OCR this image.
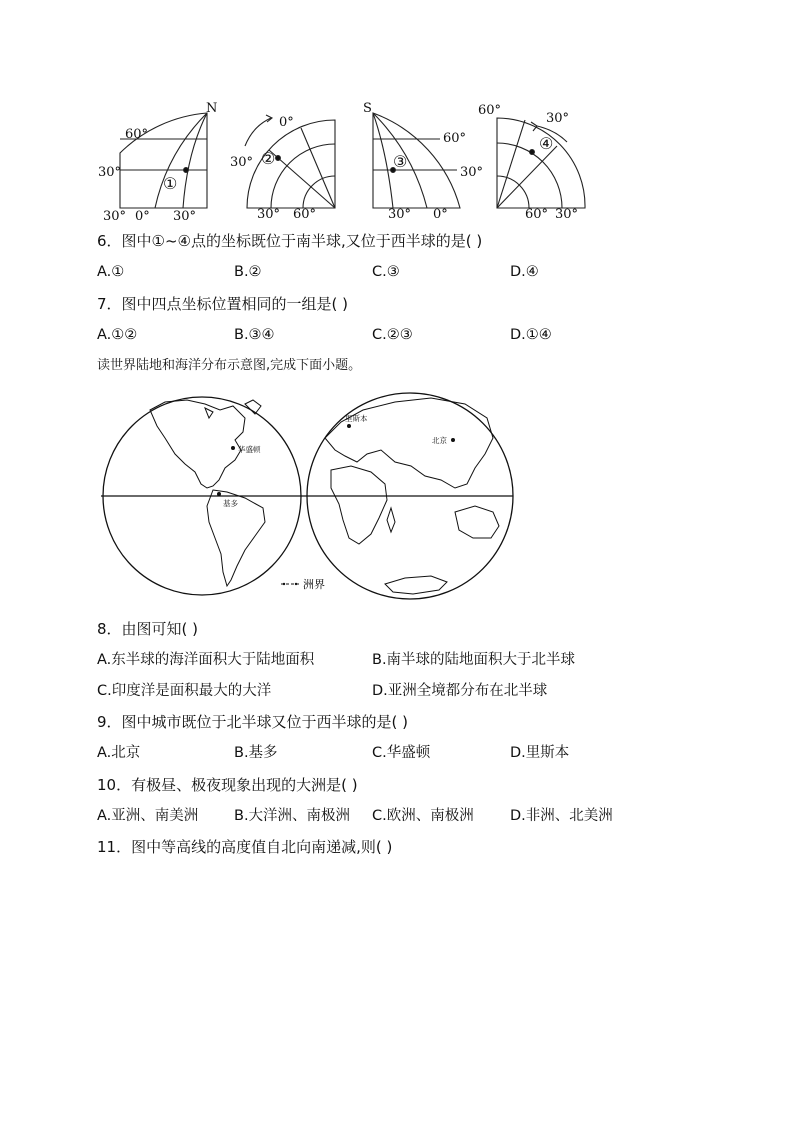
N
60°
30°
30° 0° 30°
①
0°
30°
30° 60°
②
S
60°
30°
30° 0°
③
60°
30°
60° 30°
④
6．图中①~④点的坐标既位于南半球,又位于西半球的是( )
A.①	B.②	C.③	D.④
7．图中四点坐标位置相同的一组是( )
A.①②	B.③④	C.②③	D.①④
读世界陆地和海洋分布示意图,完成下面小题。
华盛顿
基多
里斯本
北京
洲界
8．由图可知( )
A.东半球的海洋面积大于陆地面积	B.南半球的陆地面积大于北半球
C.印度洋是面积最大的大洋	D.亚洲全境都分布在北半球
9．图中城市既位于北半球又位于西半球的是( )
A.北京	B.基多	C.华盛顿	D.里斯本
10．有极昼、极夜现象出现的大洲是( )
A.亚洲、南美洲 B.大洋洲、南极洲 C.欧洲、南极洲	D.非洲、北美洲
11．图中等高线的高度值自北向南递减,则( )
